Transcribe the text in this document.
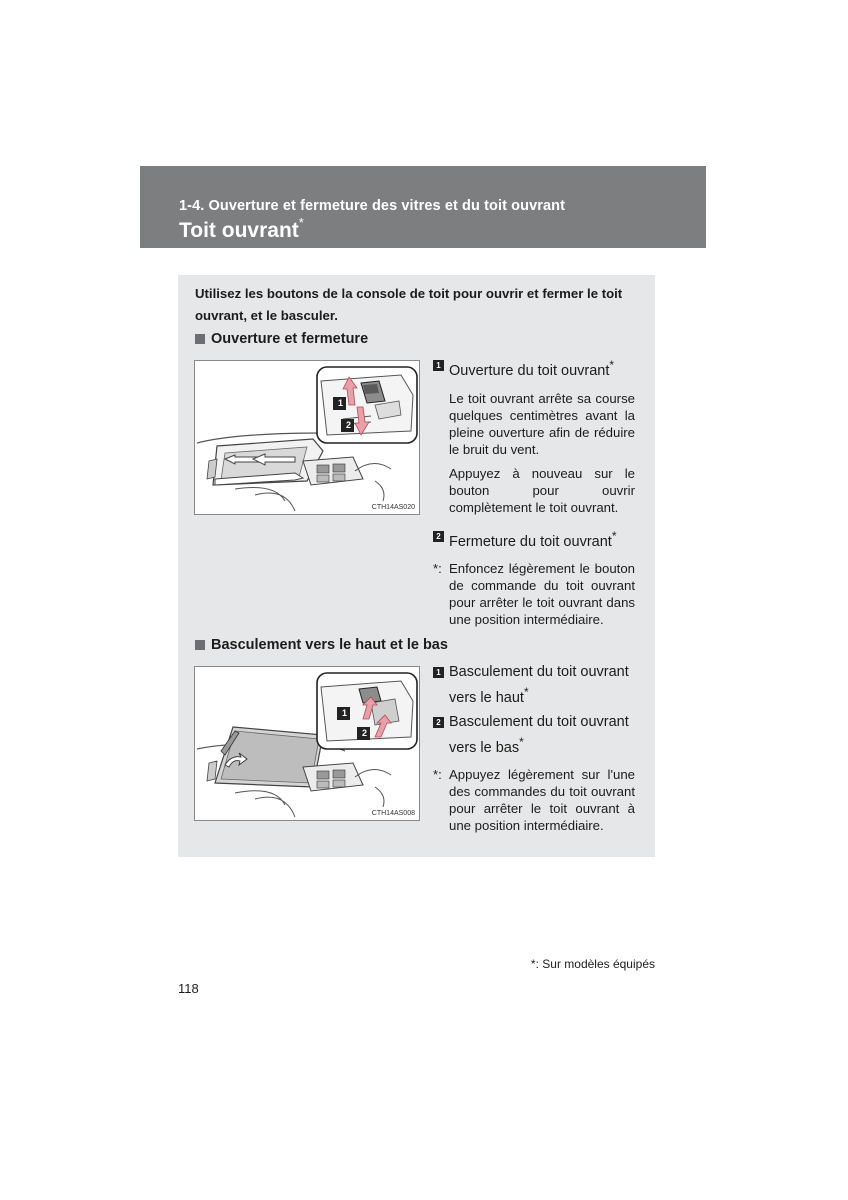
1-4. Ouverture et fermeture des vitres et du toit ouvrant
Toit ouvrant*
Utilisez les boutons de la console de toit pour ouvrir et fermer le toit ouvrant, et le basculer.
Ouverture et fermeture
1
2
CTH14AS020
1 Ouverture du toit ouvrant*
Le toit ouvrant arrête sa course quelques centimètres avant la pleine ouverture afin de réduire le bruit du vent.
Appuyez à nouveau sur le bouton pour ouvrir complètement le toit ouvrant.
2 Fermeture du toit ouvrant*
*: Enfoncez légèrement le bouton de commande du toit ouvrant pour arrêter le toit ouvrant dans une position intermédiaire.
Basculement vers le haut et le bas
1
2
CTH14AS008
1 Basculement du toit ouvrant vers le haut*
2 Basculement du toit ouvrant vers le bas*
*: Appuyez légèrement sur l'une des commandes du toit ouvrant pour arrêter le toit ouvrant à une position intermédiaire.
*: Sur modèles équipés
118
